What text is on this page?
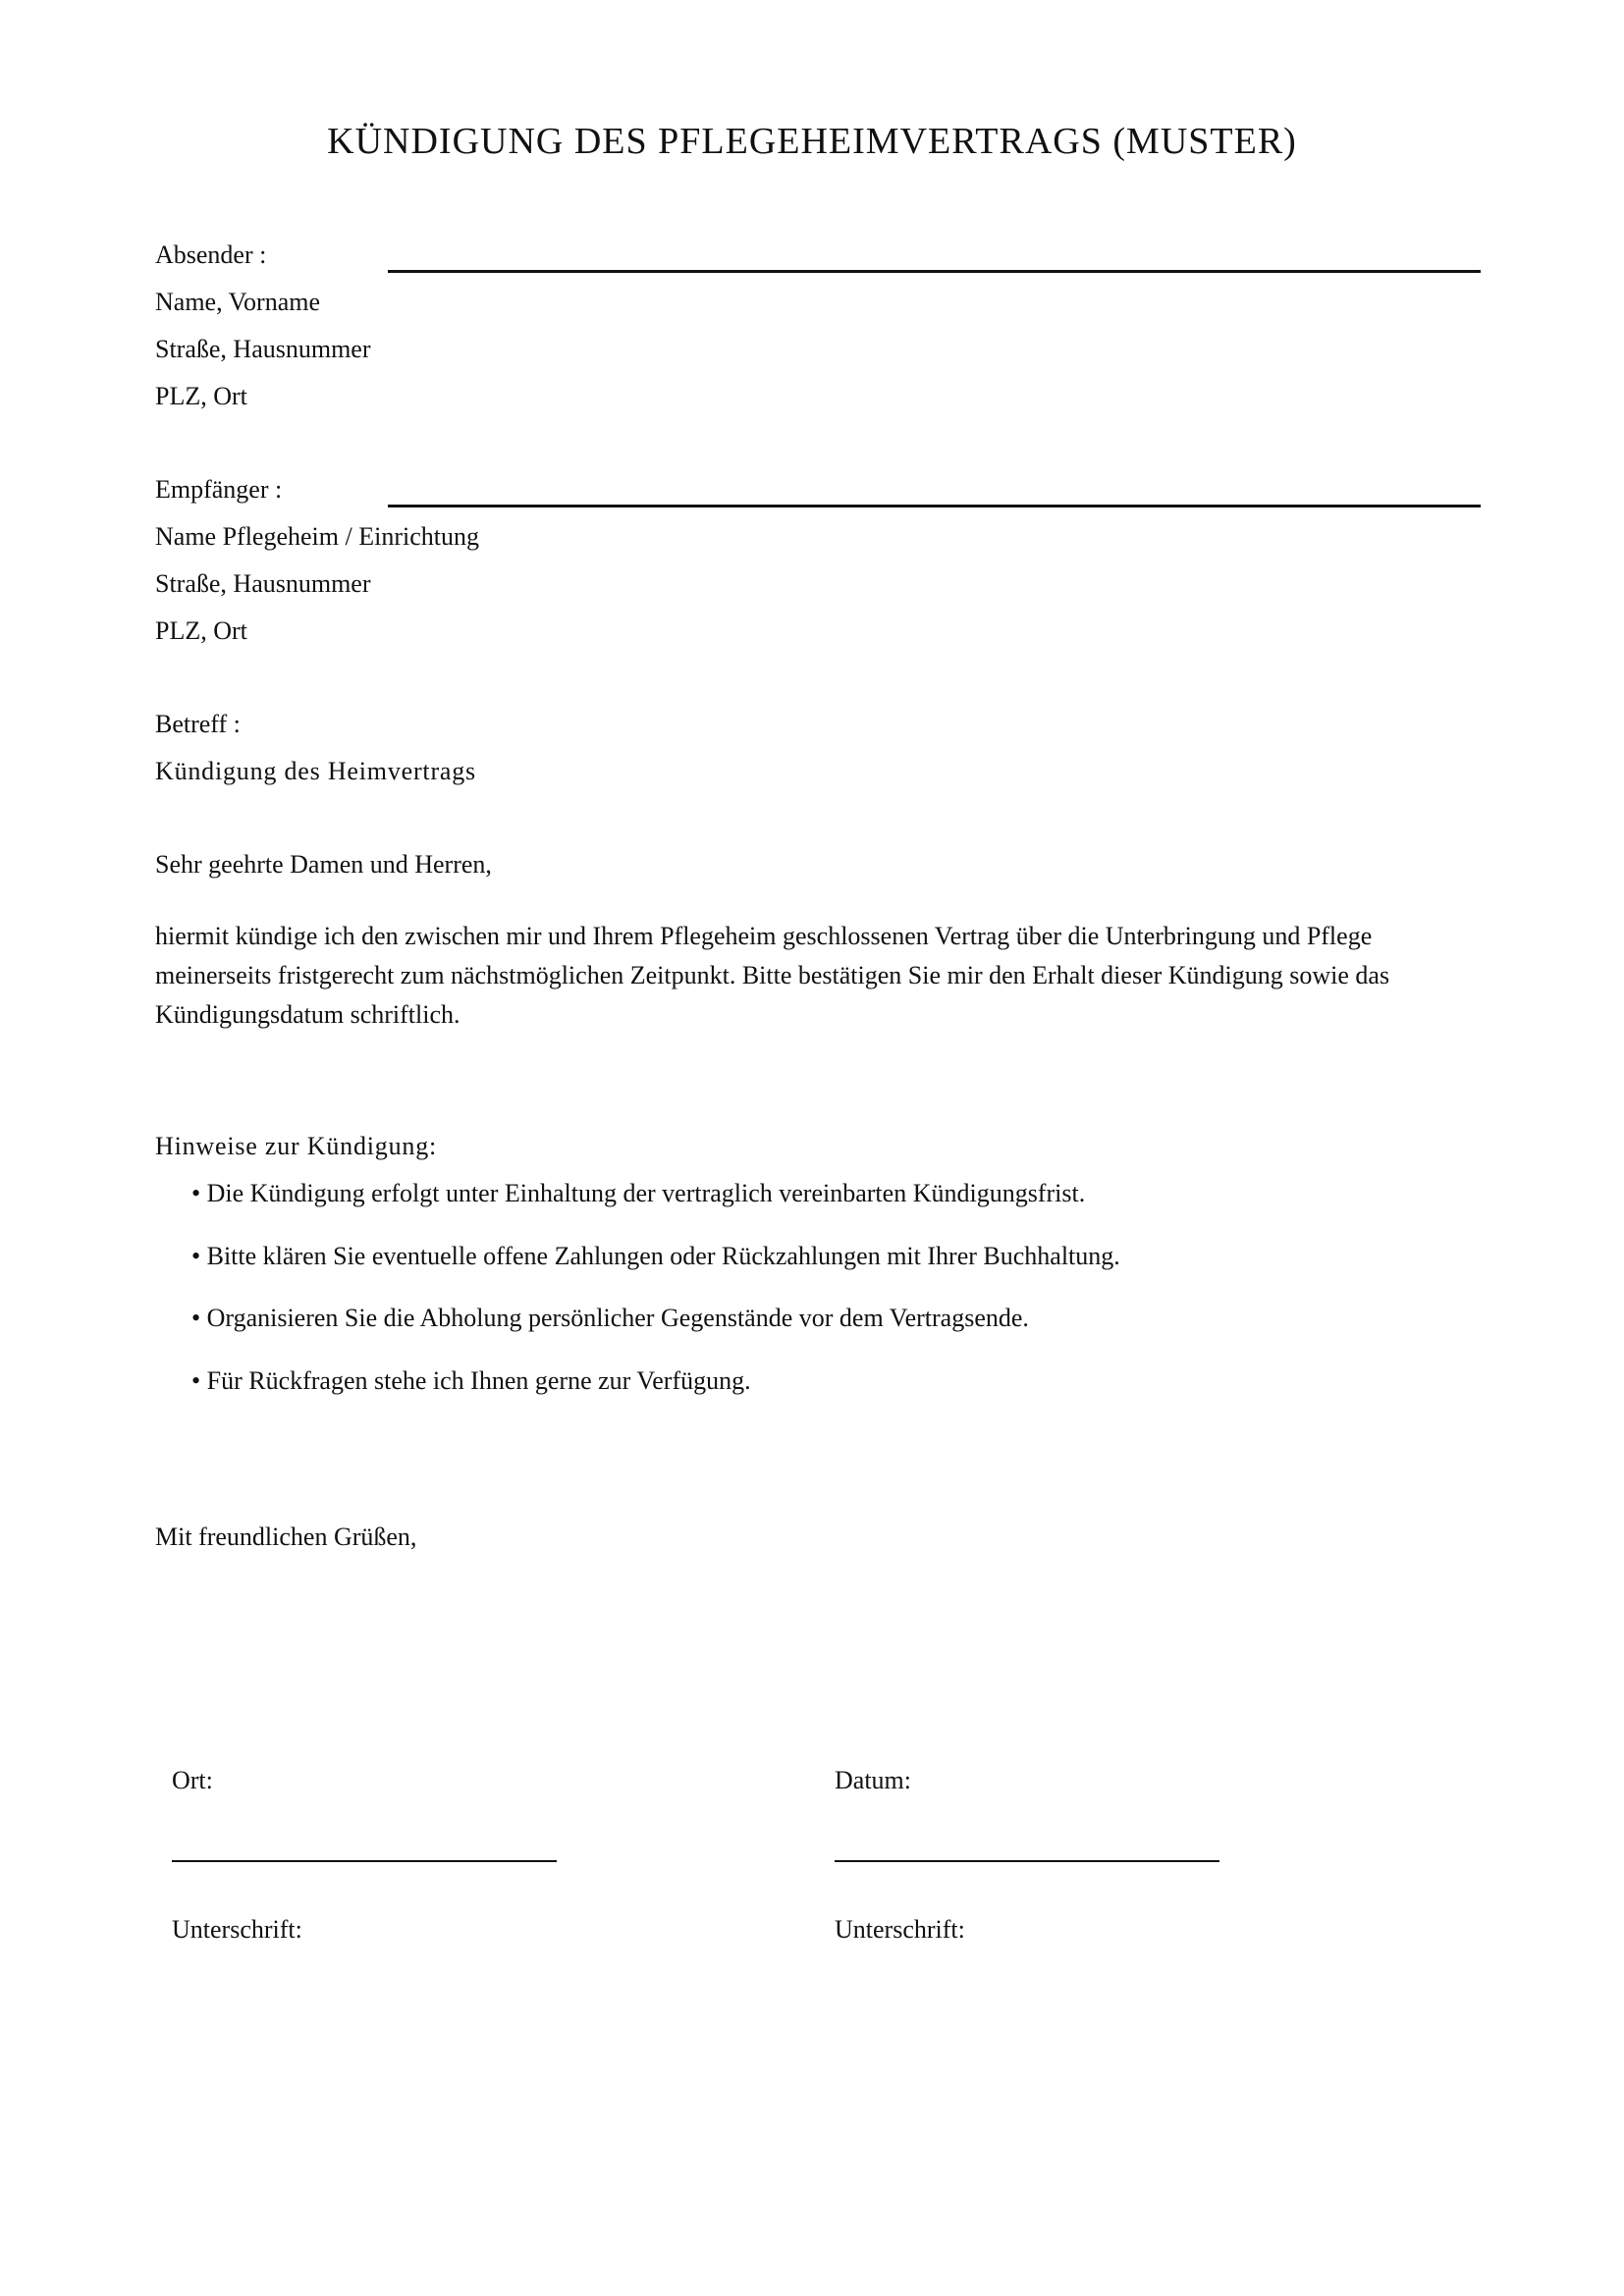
KÜNDIGUNG DES PFLEGEHEIMVERTRAGS (MUSTER)
Absender :
Name, Vorname
Straße, Hausnummer
PLZ, Ort
Empfänger :
Name Pflegeheim / Einrichtung
Straße, Hausnummer
PLZ, Ort
Betreff :
Kündigung des Heimvertrags
Sehr geehrte Damen und Herren,
hiermit kündige ich den zwischen mir und Ihrem Pflegeheim geschlossenen Vertrag über die Unterbringung und Pflege meinerseits fristgerecht zum nächstmöglichen Zeitpunkt. Bitte bestätigen Sie mir den Erhalt dieser Kündigung sowie das Kündigungsdatum schriftlich.
Hinweise zur Kündigung:
• Die Kündigung erfolgt unter Einhaltung der vertraglich vereinbarten Kündigungsfrist.
• Bitte klären Sie eventuelle offene Zahlungen oder Rückzahlungen mit Ihrer Buchhaltung.
• Organisieren Sie die Abholung persönlicher Gegenstände vor dem Vertragsende.
• Für Rückfragen stehe ich Ihnen gerne zur Verfügung.
Mit freundlichen Grüßen,
Ort:
Unterschrift:
Datum:
Unterschrift:
